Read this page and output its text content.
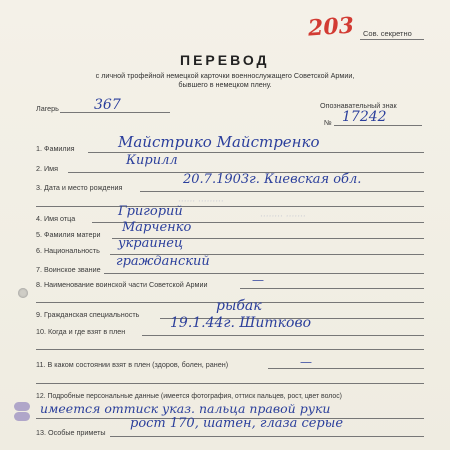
203 Сов. секретно
ПЕРЕВОД
с личной трофейной немецкой карточки военнослужащего Советской Армии,
бывшего в немецком плену.
Лагерь	367	Опознавательный знак
№ 17242
······ ·········
········ ·······
1. Фамилия	Майстрико Майстренко
2. Имя
Кирилл
3. Дата и место рождения
20.7.1903г. Киевская обл.
4. Имя отца	Григорий
5. Фамилия матери Марченко
6. Национальность украинец
7. Воинское звание
гражданский
8. Наименование воинской части Советской Армии	—
9. Гражданская специальность
рыбак
10. Когда и где взят в плен
19.1.44г. Шитково
11. В каком состоянии взят в плен (здоров, болен, ранен)	—
12. Подробные персональные данные (имеется фотография, оттиск пальцев, рост, цвет волос)
имеется оттиск указ. пальца правой руки
13. Особые приметы
рост 170, шатен, глаза серые
